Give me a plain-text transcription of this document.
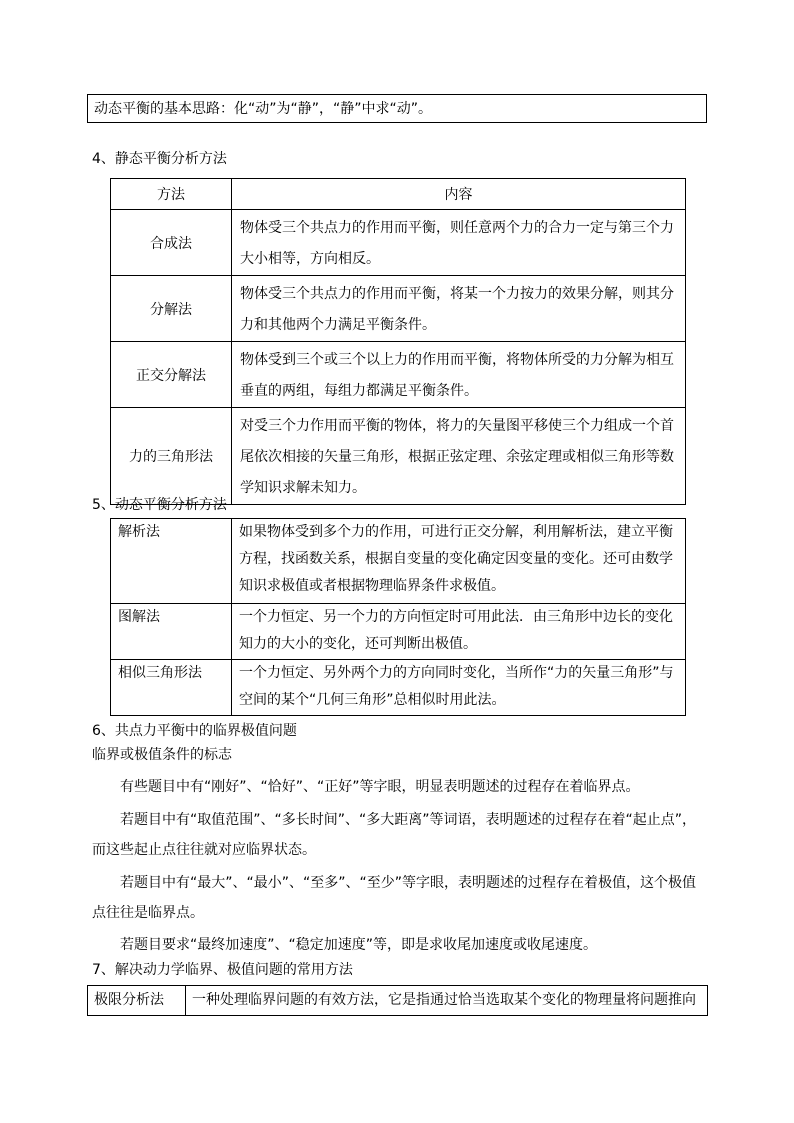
动态平衡的基本思路：化“动”为“静”，“静”中求“动”。
4、静态平衡分析方法
方法	内容
合成法	物体受三个共点力的作用而平衡，则任意两个力的合力一定与第三个力大小相等，方向相反。
分解法	物体受三个共点力的作用而平衡，将某一个力按力的效果分解，则其分力和其他两个力满足平衡条件。
正交分解法	物体受到三个或三个以上力的作用而平衡，将物体所受的力分解为相互垂直的两组，每组力都满足平衡条件。
力的三角形法	对受三个力作用而平衡的物体，将力的矢量图平移使三个力组成一个首尾依次相接的矢量三角形，根据正弦定理、余弦定理或相似三角形等数学知识求解未知力。
5、动态平衡分析方法
解析法	如果物体受到多个力的作用，可进行正交分解，利用解析法，建立平衡方程，找函数关系，根据自变量的变化确定因变量的变化。还可由数学知识求极值或者根据物理临界条件求极值。
图解法	一个力恒定、另一个力的方向恒定时可用此法．由三角形中边长的变化知力的大小的变化，还可判断出极值。
相似三角形法	一个力恒定、另外两个力的方向同时变化，当所作“力的矢量三角形”与空间的某个“几何三角形”总相似时用此法。
6、共点力平衡中的临界极值问题
临界或极值条件的标志
有些题目中有“刚好”、“恰好”、“正好”等字眼，明显表明题述的过程存在着临界点。
若题目中有“取值范围”、“多长时间”、“多大距离”等词语，表明题述的过程存在着“起止点”，而这些起止点往往就对应临界状态。
若题目中有“最大”、“最小”、“至多”、“至少”等字眼，表明题述的过程存在着极值，这个极值点往往是临界点。
若题目要求“最终加速度”、“稳定加速度”等，即是求收尾加速度或收尾速度。
7、解决动力学临界、极值问题的常用方法
极限分析法	一种处理临界问题的有效方法，它是指通过恰当选取某个变化的物理量将问题推向
